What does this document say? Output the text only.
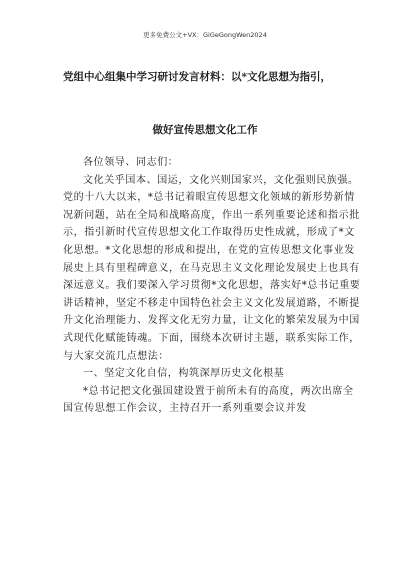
更多免费公文+VX：GiGeGongWen2024
党组中心组集中学习研讨发言材料：以*文化思想为指引，
做好宣传思想文化工作

各位领导、同志们：

文化关乎国本、国运，文化兴则国家兴，文化强则民族强。党的十八大以来，*总书记着眼宣传思想文化领域的新形势新情况新问题，站在全局和战略高度，作出一系列重要论述和指示批示，指引新时代宣传思想文化工作取得历史性成就，形成了*文化思想。*文化思想的形成和提出，在党的宣传思想文化事业发展史上具有里程碑意义，在马克思主义文化理论发展史上也具有深远意义。我们要深入学习贯彻*文化思想，落实好*总书记重要讲话精神，坚定不移走中国特色社会主义文化发展道路，不断提升文化治理能力、发挥文化无穷力量，让文化的繁荣发展为中国式现代化赋能铸魂。下面，围绕本次研讨主题，联系实际工作，与大家交流几点想法：

一、坚定文化自信，构筑深厚历史文化根基

*总书记把文化强国建设置于前所未有的高度，两次出席全国宣传思想工作会议，主持召开一系列重要会议并发
